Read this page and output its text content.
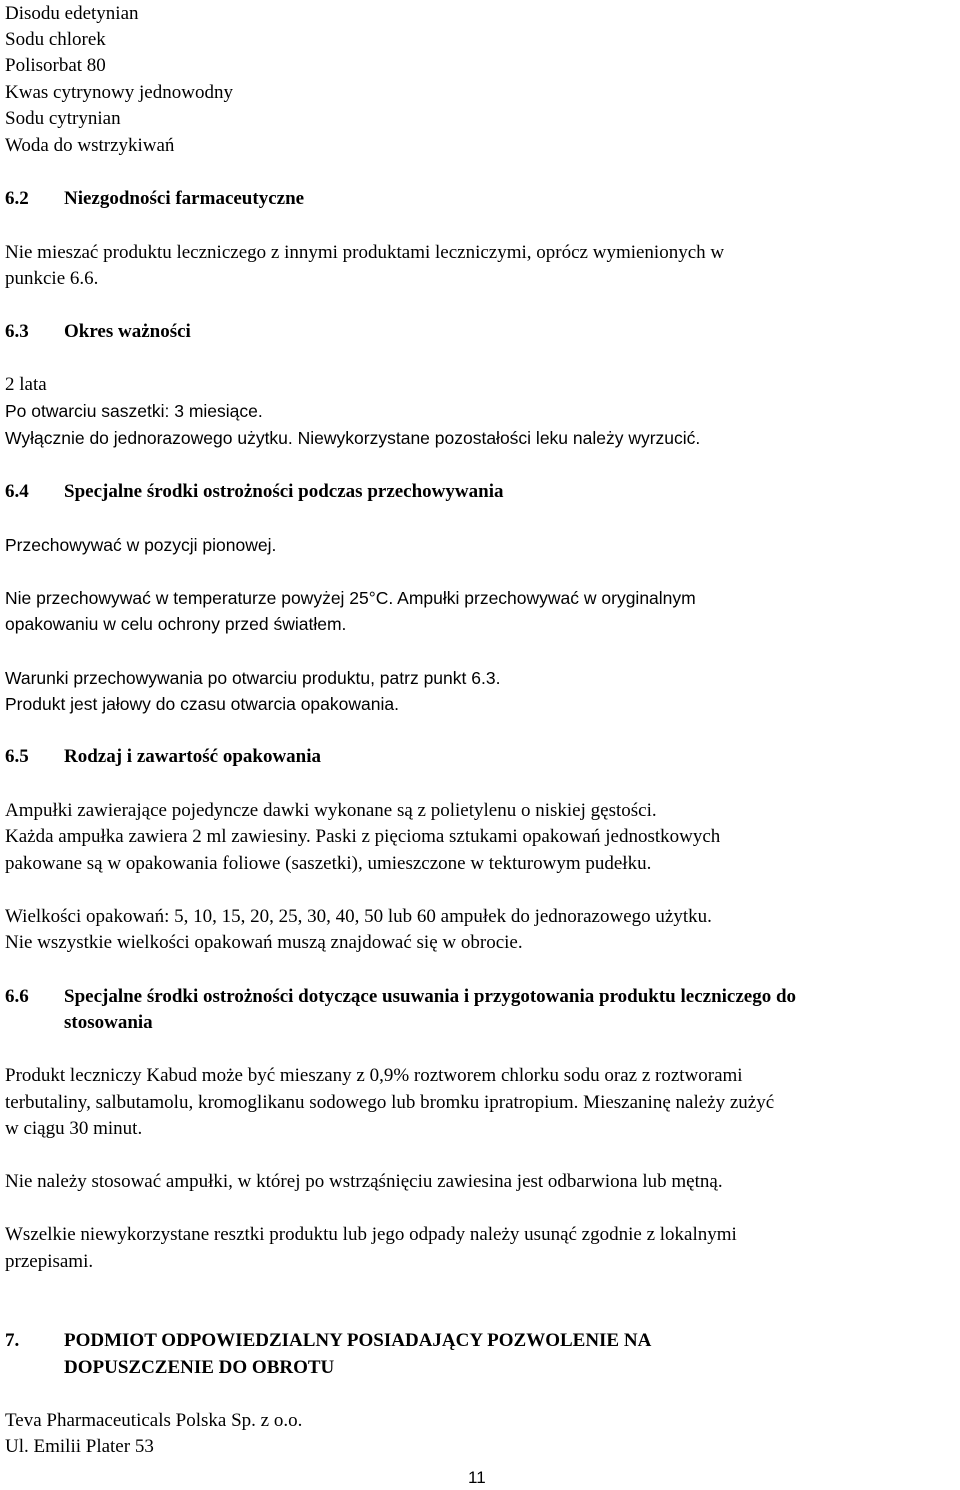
Disodu edetynian
Sodu chlorek
Polisorbat 80
Kwas cytrynowy jednowodny
Sodu cytrynian
Woda do wstrzykiwań
6.2 Niezgodności farmaceutyczne
Nie mieszać produktu leczniczego z innymi produktami leczniczymi, oprócz wymienionych w
punkcie 6.6.
6.3 Okres ważności
2 lata
Po otwarciu saszetki: 3 miesiące.
Wyłącznie do jednorazowego użytku. Niewykorzystane pozostałości leku należy wyrzucić.
6.4 Specjalne środki ostrożności podczas przechowywania
Przechowywać w pozycji pionowej.
Nie przechowywać w temperaturze powyżej 25°C. Ampułki przechowywać w oryginalnym
opakowaniu w celu ochrony przed światłem.
Warunki przechowywania po otwarciu produktu, patrz punkt 6.3.
Produkt jest jałowy do czasu otwarcia opakowania.
6.5 Rodzaj i zawartość opakowania
Ampułki zawierające pojedyncze dawki wykonane są z polietylenu o niskiej gęstości.
Każda ampułka zawiera 2 ml zawiesiny. Paski z pięcioma sztukami opakowań jednostkowych
pakowane są w opakowania foliowe (saszetki), umieszczone w tekturowym pudełku.
Wielkości opakowań: 5, 10, 15, 20, 25, 30, 40, 50 lub 60 ampułek do jednorazowego użytku.
Nie wszystkie wielkości opakowań muszą znajdować się w obrocie.
6.6 Specjalne środki ostrożności dotyczące usuwania i przygotowania produktu leczniczego do
stosowania
Produkt leczniczy Kabud może być mieszany z 0,9% roztworem chlorku sodu oraz z roztworami
terbutaliny, salbutamolu, kromoglikanu sodowego lub bromku ipratropium. Mieszaninę należy zużyć
w ciągu 30 minut.
Nie należy stosować ampułki, w której po wstrząśnięciu zawiesina jest odbarwiona lub mętną.
Wszelkie niewykorzystane resztki produktu lub jego odpady należy usunąć zgodnie z lokalnymi
przepisami.
7. PODMIOT ODPOWIEDZIALNY POSIADAJĄCY POZWOLENIE NA
DOPUSZCZENIE DO OBROTU
Teva Pharmaceuticals Polska Sp. z o.o.
Ul. Emilii Plater 53
11
